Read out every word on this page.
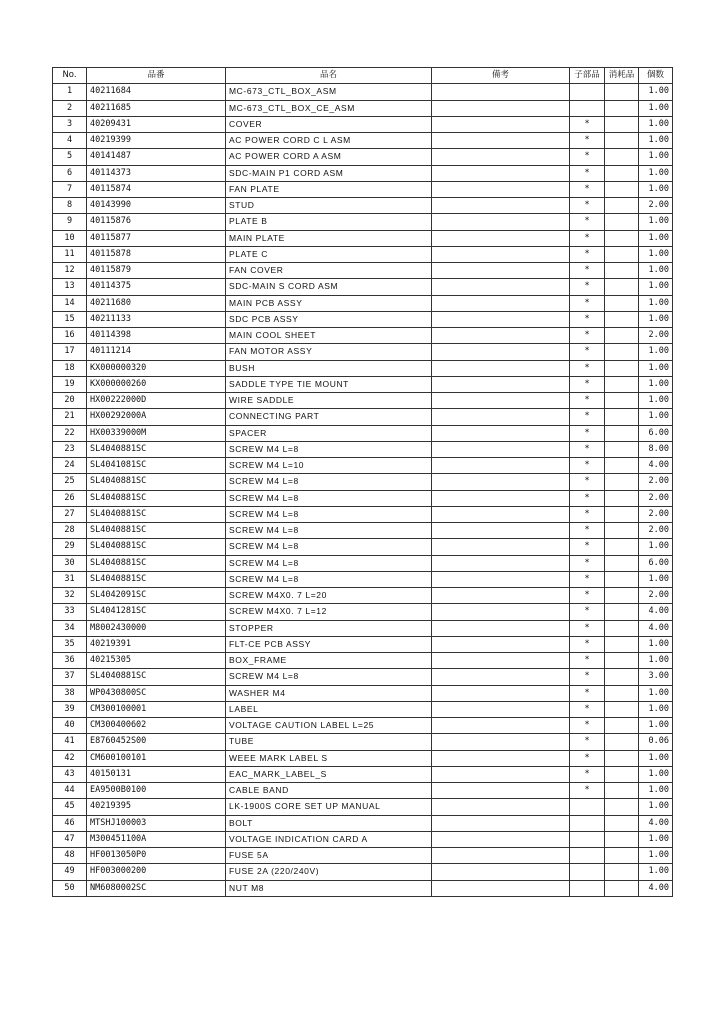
No.	品番	品名	備考	子部品	消耗品	個数
1	40211684	MC-673_CTL_BOX_ASM				1.00
2	40211685	MC-673_CTL_BOX_CE_ASM				1.00
3	40209431	COVER		*		1.00
4	40219399	AC POWER CORD C L ASM		*		1.00
5	40141487	AC POWER CORD A ASM		*		1.00
6	40114373	SDC-MAIN P1 CORD ASM		*		1.00
7	40115874	FAN PLATE		*		1.00
8	40143990	STUD		*		2.00
9	40115876	PLATE B		*		1.00
10	40115877	MAIN PLATE		*		1.00
11	40115878	PLATE C		*		1.00
12	40115879	FAN COVER		*		1.00
13	40114375	SDC-MAIN S CORD ASM		*		1.00
14	40211680	MAIN PCB ASSY		*		1.00
15	40211133	SDC PCB ASSY		*		1.00
16	40114398	MAIN COOL SHEET		*		2.00
17	40111214	FAN MOTOR ASSY		*		1.00
18	KX000000320	BUSH		*		1.00
19	KX000000260	SADDLE TYPE TIE MOUNT		*		1.00
20	HX00222000D	WIRE SADDLE		*		1.00
21	HX00292000A	CONNECTING PART		*		1.00
22	HX00339000M	SPACER		*		6.00
23	SL4040881SC	SCREW M4 L=8		*		8.00
24	SL4041081SC	SCREW M4 L=10		*		4.00
25	SL4040881SC	SCREW M4 L=8		*		2.00
26	SL4040881SC	SCREW M4 L=8		*		2.00
27	SL4040881SC	SCREW M4 L=8		*		2.00
28	SL4040881SC	SCREW M4 L=8		*		2.00
29	SL4040881SC	SCREW M4 L=8		*		1.00
30	SL4040881SC	SCREW M4 L=8		*		6.00
31	SL4040881SC	SCREW M4 L=8		*		1.00
32	SL4042091SC	SCREW M4X0. 7 L=20		*		2.00
33	SL4041281SC	SCREW M4X0. 7 L=12		*		4.00
34	M8002430000	STOPPER		*		4.00
35	40219391	FLT-CE PCB ASSY		*		1.00
36	40215305	BOX_FRAME		*		1.00
37	SL4040881SC	SCREW M4 L=8		*		3.00
38	WP0430800SC	WASHER M4		*		1.00
39	CM300100001	LABEL		*		1.00
40	CM300400602	VOLTAGE CAUTION LABEL L=25		*		1.00
41	E8760452S00	TUBE		*		0.06
42	CM600100101	WEEE MARK LABEL S		*		1.00
43	40150131	EAC_MARK_LABEL_S		*		1.00
44	EA9500B0100	CABLE BAND		*		1.00
45	40219395	LK-1900S CORE SET UP MANUAL				1.00
46	MTSHJ100003	BOLT				4.00
47	M300451100A	VOLTAGE INDICATION CARD A				1.00
48	HF0013050P0	FUSE 5A				1.00
49	HF003000200	FUSE 2A (220/240V)				1.00
50	NM6080002SC	NUT M8				4.00
